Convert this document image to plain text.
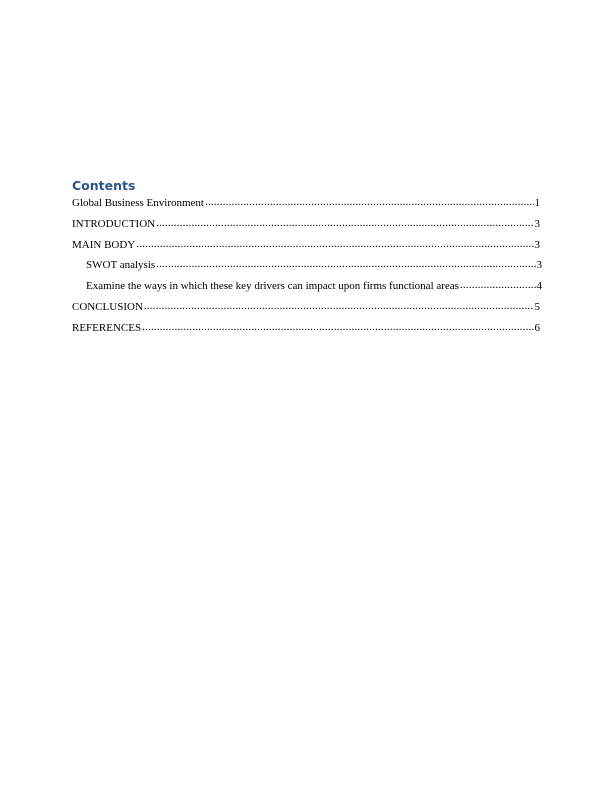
Contents
Global Business Environment .....	1
INTRODUCTION .....	3
MAIN BODY .....	3
SWOT analysis .....	3
Examine the ways in which these key drivers can impact upon firms functional areas .....	4
CONCLUSION .....	5
REFERENCES .....	6
